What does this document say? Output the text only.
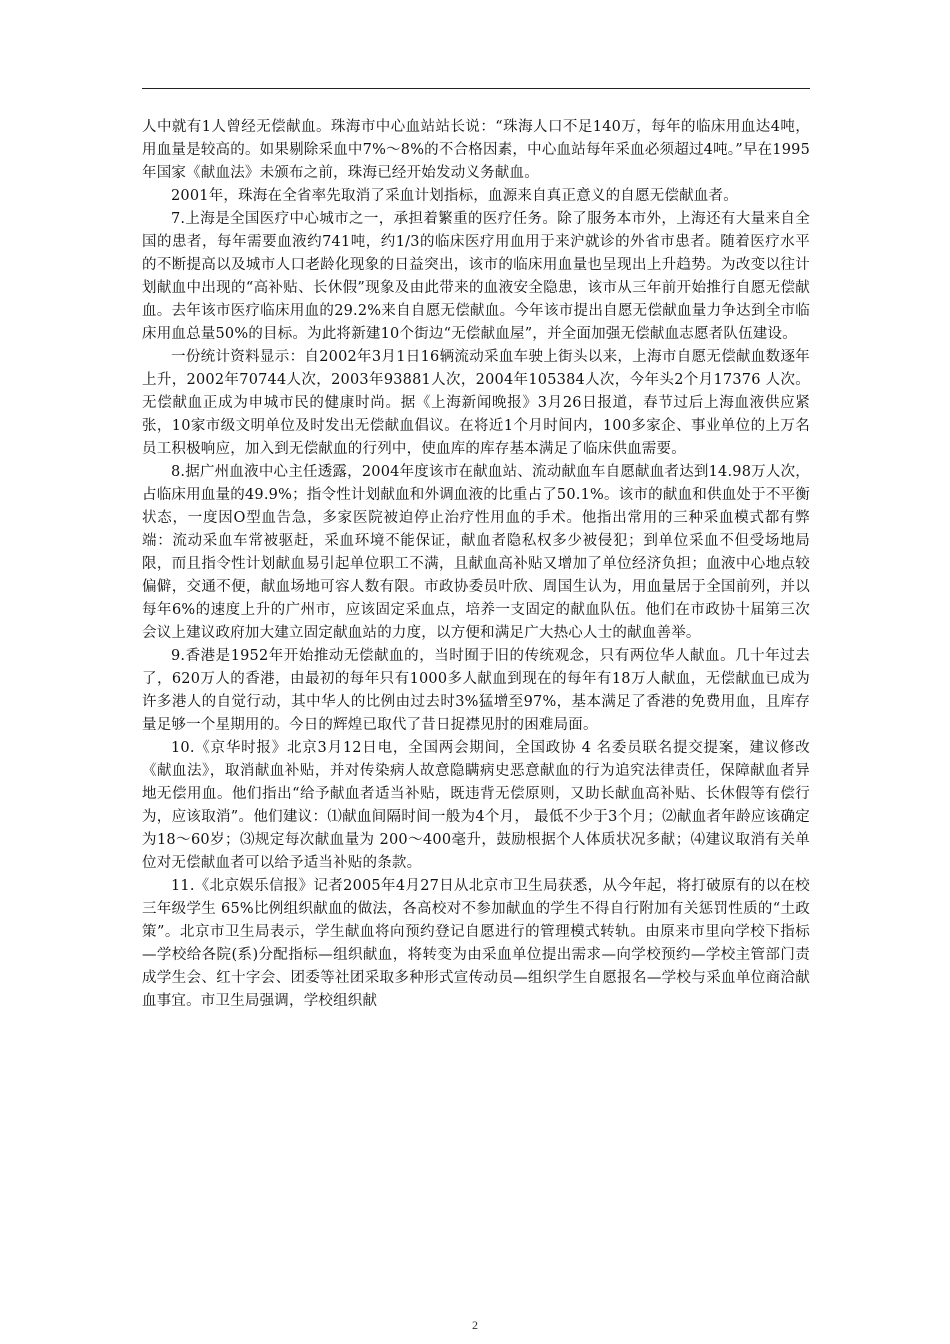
人中就有1人曾经无偿献血。珠海市中心血站站长说：“珠海人口不足140万，每年的临床用血达4吨，用血量是较高的。如果剔除采血中7%～8%的不合格因素，中心血站每年采血必须超过4吨。”早在1995年国家《献血法》未颁布之前，珠海已经开始发动义务献血。

2001年，珠海在全省率先取消了采血计划指标，血源来自真正意义的自愿无偿献血者。

7.上海是全国医疗中心城市之一，承担着繁重的医疗任务。除了服务本市外，上海还有大量来自全国的患者，每年需要血液约741吨，约1/3的临床医疗用血用于来沪就诊的外省市患者。随着医疗水平的不断提高以及城市人口老龄化现象的日益突出，该市的临床用血量也呈现出上升趋势。为改变以往计划献血中出现的“高补贴、长休假”现象及由此带来的血液安全隐患，该市从三年前开始推行自愿无偿献血。去年该市医疗临床用血的29.2%来自自愿无偿献血。今年该市提出自愿无偿献血量力争达到全市临床用血总量50%的目标。为此将新建10个街边“无偿献血屋”，并全面加强无偿献血志愿者队伍建设。

一份统计资料显示：自2002年3月1日16辆流动采血车驶上街头以来，上海市自愿无偿献血数逐年上升，2002年70744人次，2003年93881人次，2004年105384人次，今年头2个月17376 人次。无偿献血正成为申城市民的健康时尚。据《上海新闻晚报》3月26日报道，春节过后上海血液供应紧张，10家市级文明单位及时发出无偿献血倡议。在将近1个月时间内，100多家企、事业单位的上万名员工积极响应，加入到无偿献血的行列中，使血库的库存基本满足了临床供血需要。

8.据广州血液中心主任透露，2004年度该市在献血站、流动献血车自愿献血者达到14.98万人次，占临床用血量的49.9%；指令性计划献血和外调血液的比重占了50.1%。该市的献血和供血处于不平衡状态，一度因O型血告急，多家医院被迫停止治疗性用血的手术。他指出常用的三种采血模式都有弊端：流动采血车常被驱赶，采血环境不能保证，献血者隐私权多少被侵犯；到单位采血不但受场地局限，而且指令性计划献血易引起单位职工不满，且献血高补贴又增加了单位经济负担；血液中心地点较偏僻，交通不便，献血场地可容人数有限。市政协委员叶欣、周国生认为，用血量居于全国前列，并以每年6%的速度上升的广州市，应该固定采血点，培养一支固定的献血队伍。他们在市政协十届第三次会议上建议政府加大建立固定献血站的力度，以方便和满足广大热心人士的献血善举。

9.香港是1952年开始推动无偿献血的，当时囿于旧的传统观念，只有两位华人献血。几十年过去了，620万人的香港，由最初的每年只有1000多人献血到现在的每年有18万人献血，无偿献血已成为许多港人的自觉行动，其中华人的比例由过去时3%猛增至97%，基本满足了香港的免费用血，且库存量足够一个星期用的。今日的辉煌已取代了昔日捉襟见肘的困难局面。

10.《京华时报》北京3月12日电，全国两会期间，全国政协 4 名委员联名提交提案，建议修改《献血法》，取消献血补贴，并对传染病人故意隐瞒病史恶意献血的行为追究法律责任，保障献血者异地无偿用血。他们指出“给予献血者适当补贴，既违背无偿原则，又助长献血高补贴、长休假等有偿行为，应该取消”。他们建议：⑴献血间隔时间一般为4个月， 最低不少于3个月；⑵献血者年龄应该确定为18～60岁；⑶规定每次献血量为 200～400毫升，鼓励根据个人体质状况多献；⑷建议取消有关单位对无偿献血者可以给予适当补贴的条款。

11.《北京娱乐信报》记者2005年4月27日从北京市卫生局获悉，从今年起，将打破原有的以在校三年级学生 65%比例组织献血的做法，各高校对不参加献血的学生不得自行附加有关惩罚性质的“土政策”。北京市卫生局表示，学生献血将向预约登记自愿进行的管理模式转轨。由原来市里向学校下指标—学校给各院(系)分配指标—组织献血，将转变为由采血单位提出需求—向学校预约—学校主管部门责成学生会、红十字会、团委等社团采取多种形式宣传动员—组织学生自愿报名—学校与采血单位商洽献血事宜。市卫生局强调，学校组织献

2
